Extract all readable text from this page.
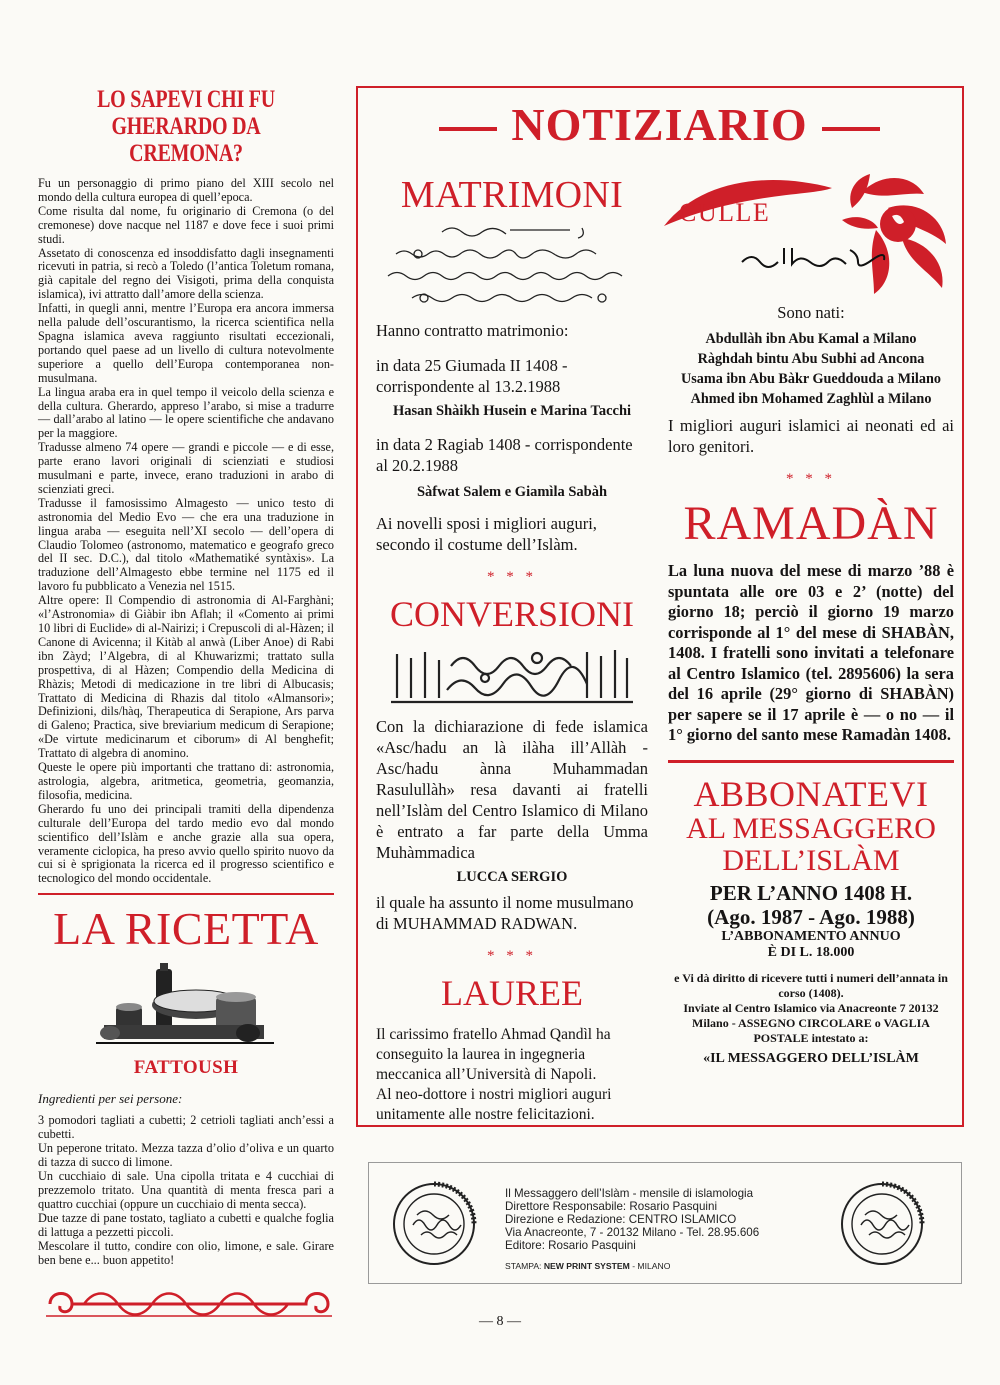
LO SAPEVI CHI FU
GHERARDO DA CREMONA?

Fu un personaggio di primo piano del XIII secolo nel mondo della cultura europea di quell’epoca.

Come risulta dal nome, fu originario di Cremona (o del cremonese) dove nacque nel 1187 e dove fece i suoi primi studi.

Assetato di conoscenza ed insoddisfatto dagli insegnamenti ricevuti in patria, si recò a Toledo (l’antica Toletum romana, già capitale del regno dei Visigoti, prima della conquista islamica), ivi attratto dall’amore della scienza.

Infatti, in quegli anni, mentre l’Europa era ancora immersa nella palude dell’oscurantismo, la ricerca scientifica nella Spagna islamica aveva raggiunto risultati eccezionali, portando quel paese ad un livello di cultura notevolmente superiore a quello dell’Europa contemporanea non-musulmana.

La lingua araba era in quel tempo il veicolo della scienza e della cultura. Gherardo, appreso l’arabo, si mise a tradurre — dall’arabo al latino — le opere scientifiche che andavano per la maggiore.

Tradusse almeno 74 opere — grandi e piccole — e di esse, parte erano lavori originali di scienziati e studiosi musulmani e parte, invece, erano traduzioni in arabo di scienziati greci.

Tradusse il famosissimo Almagesto — unico testo di astronomia del Medio Evo — che era una traduzione in lingua araba — eseguita nell’XI secolo — dell’opera di Claudio Tolomeo (astronomo, matematico e geografo greco del II sec. D.C.), dal titolo «Mathematiké syntàxis». La traduzione dell’Almagesto ebbe termine nel 1175 ed il lavoro fu pubblicato a Venezia nel 1515.

Altre opere: Il Compendio di astronomia di Al-Farghàni; «l’Astronomia» di Giàbir ibn Aflah; il «Comento ai primi 10 libri di Euclide» di al-Nairizi; i Crepuscoli di al-Hàzen; il Canone di Avicenna; il Kitàb al anwà (Liber Anoe) di Rabi ibn Zàyd; l’Algebra, di al Khuwarizmi; trattato sulla prospettiva, di al Hàzen; Compendio della Medicina di Rhàzis; Metodi di medicazione in tre libri di Albucasis; Trattato di Medicina di Rhazis dal titolo «Almansori»; Definizioni, dils/hàq, Therapeutica di Serapione, Ars parva di Galeno; Practica, sive breviarium medicum di Serapione; «De virtute medicinarum et ciborum» di Al benghefit; Trattato di algebra di anomino.

Queste le opere più importanti che trattano di: astronomia, astrologia, algebra, aritmetica, geometria, geomanzia, filosofia, medicina.

Gherardo fu uno dei principali tramiti della dipendenza culturale dell’Europa del tardo medio evo dal mondo scientifico dell’Islàm e anche grazie alla sua opera, veramente ciclopica, ha preso avvio quello spirito nuovo da cui si è sprigionata la ricerca ed il progresso scientifico e tecnologico del mondo occidentale.

LA RICETTA
FATTOUSH
Ingredienti per sei persone:

3 pomodori tagliati a cubetti; 2 cetrioli tagliati anch’essi a cubetti.

Un peperone tritato. Mezza tazza d’olio d’oliva e un quarto di tazza di succo di limone.

Un cucchiaio di sale. Una cipolla tritata e 4 cucchiai di prezzemolo tritato. Una quantità di menta fresca pari a quattro cucchiai (oppure un cucchiaio di menta secca).

Due tazze di pane tostato, tagliato a cubetti e qualche foglia di lattuga a pezzetti piccoli.

Mescolare il tutto, condire con olio, limone, e sale. Girare ben bene e... buon appetito!

NOTIZIARIO
MATRIMONI
Hanno contratto matrimonio:
in data 25 Giumada II 1408 - corrispondente al 13.2.1988
Hasan Shàikh Husein e Marina Tacchi
in data 2 Ragiab 1408 - corrispondente al 20.2.1988
Sàfwat Salem e Giamìla Sabàh
Ai novelli sposi i migliori auguri, secondo il costume dell’Islàm.
* * *
CONVERSIONI
Con la dichiarazione di fede islamica «Asc/hadu an là ilàha ill’Allàh - Asc/hadu ànna Muhammadan Rasulullàh» resa davanti ai fratelli nell’Islàm del Centro Islamico di Milano è entrato a far parte della Umma Muhàmmadica
LUCCA SERGIO
il quale ha assunto il nome musulmano di MUHAMMAD RADWAN.
* * *
LAUREE
Il carissimo fratello Ahmad Qandìl ha conseguito la laurea in ingegneria meccanica all’Università di Napoli.
Al neo-dottore i nostri migliori auguri unitamente alle nostre felicitazioni.
CULLE
Sono nati:
Abdullàh ibn Abu Kamal a Milano
Ràghdah bintu Abu Subhi ad Ancona
Usama ibn Abu Bàkr Gueddouda a Milano
Ahmed ibn Mohamed Zaghlùl a Milano
I migliori auguri islamici ai neonati ed ai loro genitori.
* * *
RAMADÀN
La luna nuova del mese di marzo ’88 è spuntata alle ore 03 e 2’ (notte) del giorno 18; perciò il giorno 19 marzo corrisponde al 1° del mese di SHABÀN, 1408. I fratelli sono invitati a telefonare al Centro Islamico (tel. 2895606) la sera del 16 aprile (29° giorno di SHABÀN) per sapere se il 17 aprile è — o no — il 1° giorno del santo mese Ramadàn 1408.
ABBONATEVI
AL MESSAGGERO
DELL’ISLÀM
PER L’ANNO 1408 H.
(Ago. 1987 - Ago. 1988)
L’ABBONAMENTO ANNUO
È DI L. 18.000
e Vi dà diritto di ricevere tutti i numeri dell’annata in corso (1408).
Inviate al Centro Islamico via Anacreonte 7 20132 Milano - ASSEGNO CIRCOLARE o VAGLIA POSTALE intestato a:
«IL MESSAGGERO DELL’ISLÀM
Il Messaggero dell’Islàm - mensile di islamologia
Direttore Responsabile: Rosario Pasquini
Direzione e Redazione: CENTRO ISLAMICO
Via Anacreonte, 7 - 20132 Milano - Tel. 28.95.606
Editore: Rosario Pasquini
STAMPA: NEW PRINT SYSTEM - MILANO
— 8 —
